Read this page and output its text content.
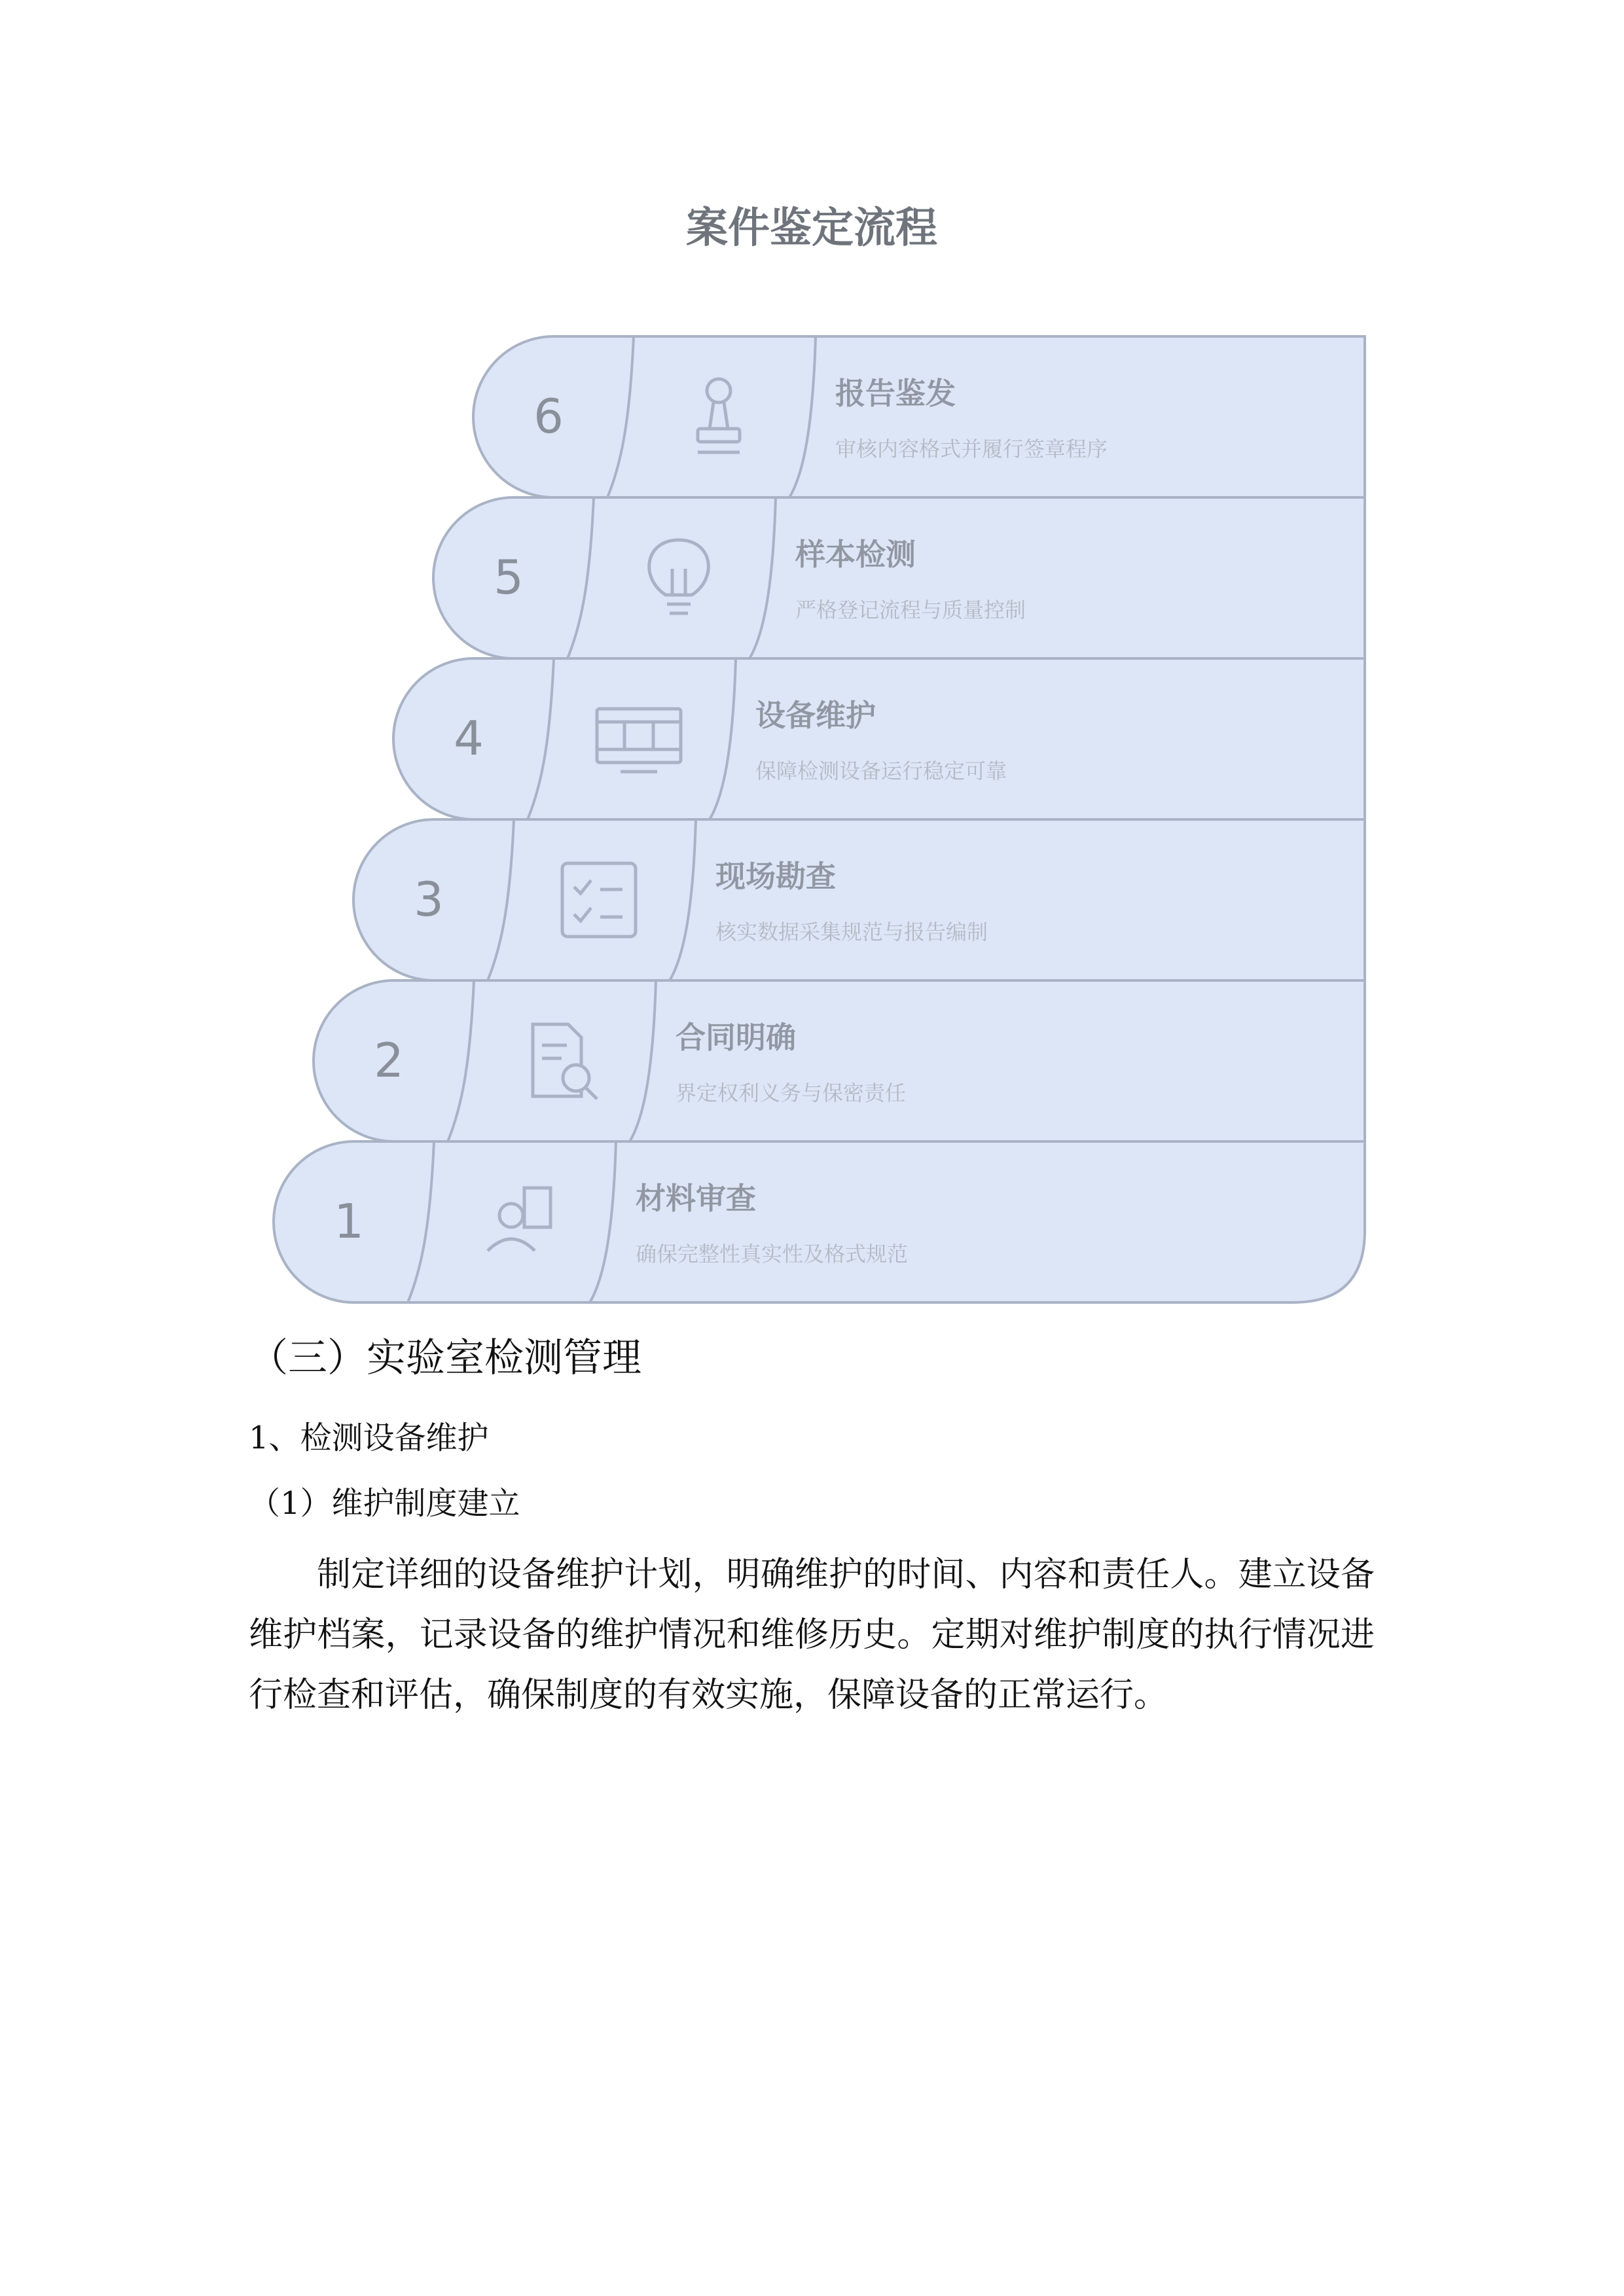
案件鉴定流程
6	报告鉴发
审核内容格式并履行签章程序
5	样本检测
严格登记流程与质量控制
4	设备维护
保障检测设备运行稳定可靠
3	现场勘查
核实数据采集规范与报告编制
2	合同明确
界定权利义务与保密责任
1	材料审查
确保完整性真实性及格式规范
（三）实验室检测管理

1、检测设备维护

（1）维护制度建立

制定详细的设备维护计划，明确维护的时间、内容和责任人。建立设备维护档案，记录设备的维护情况和维修历史。定期对维护制度的执行情况进行检查和评估，确保制度的有效实施，保障设备的正常运行。
